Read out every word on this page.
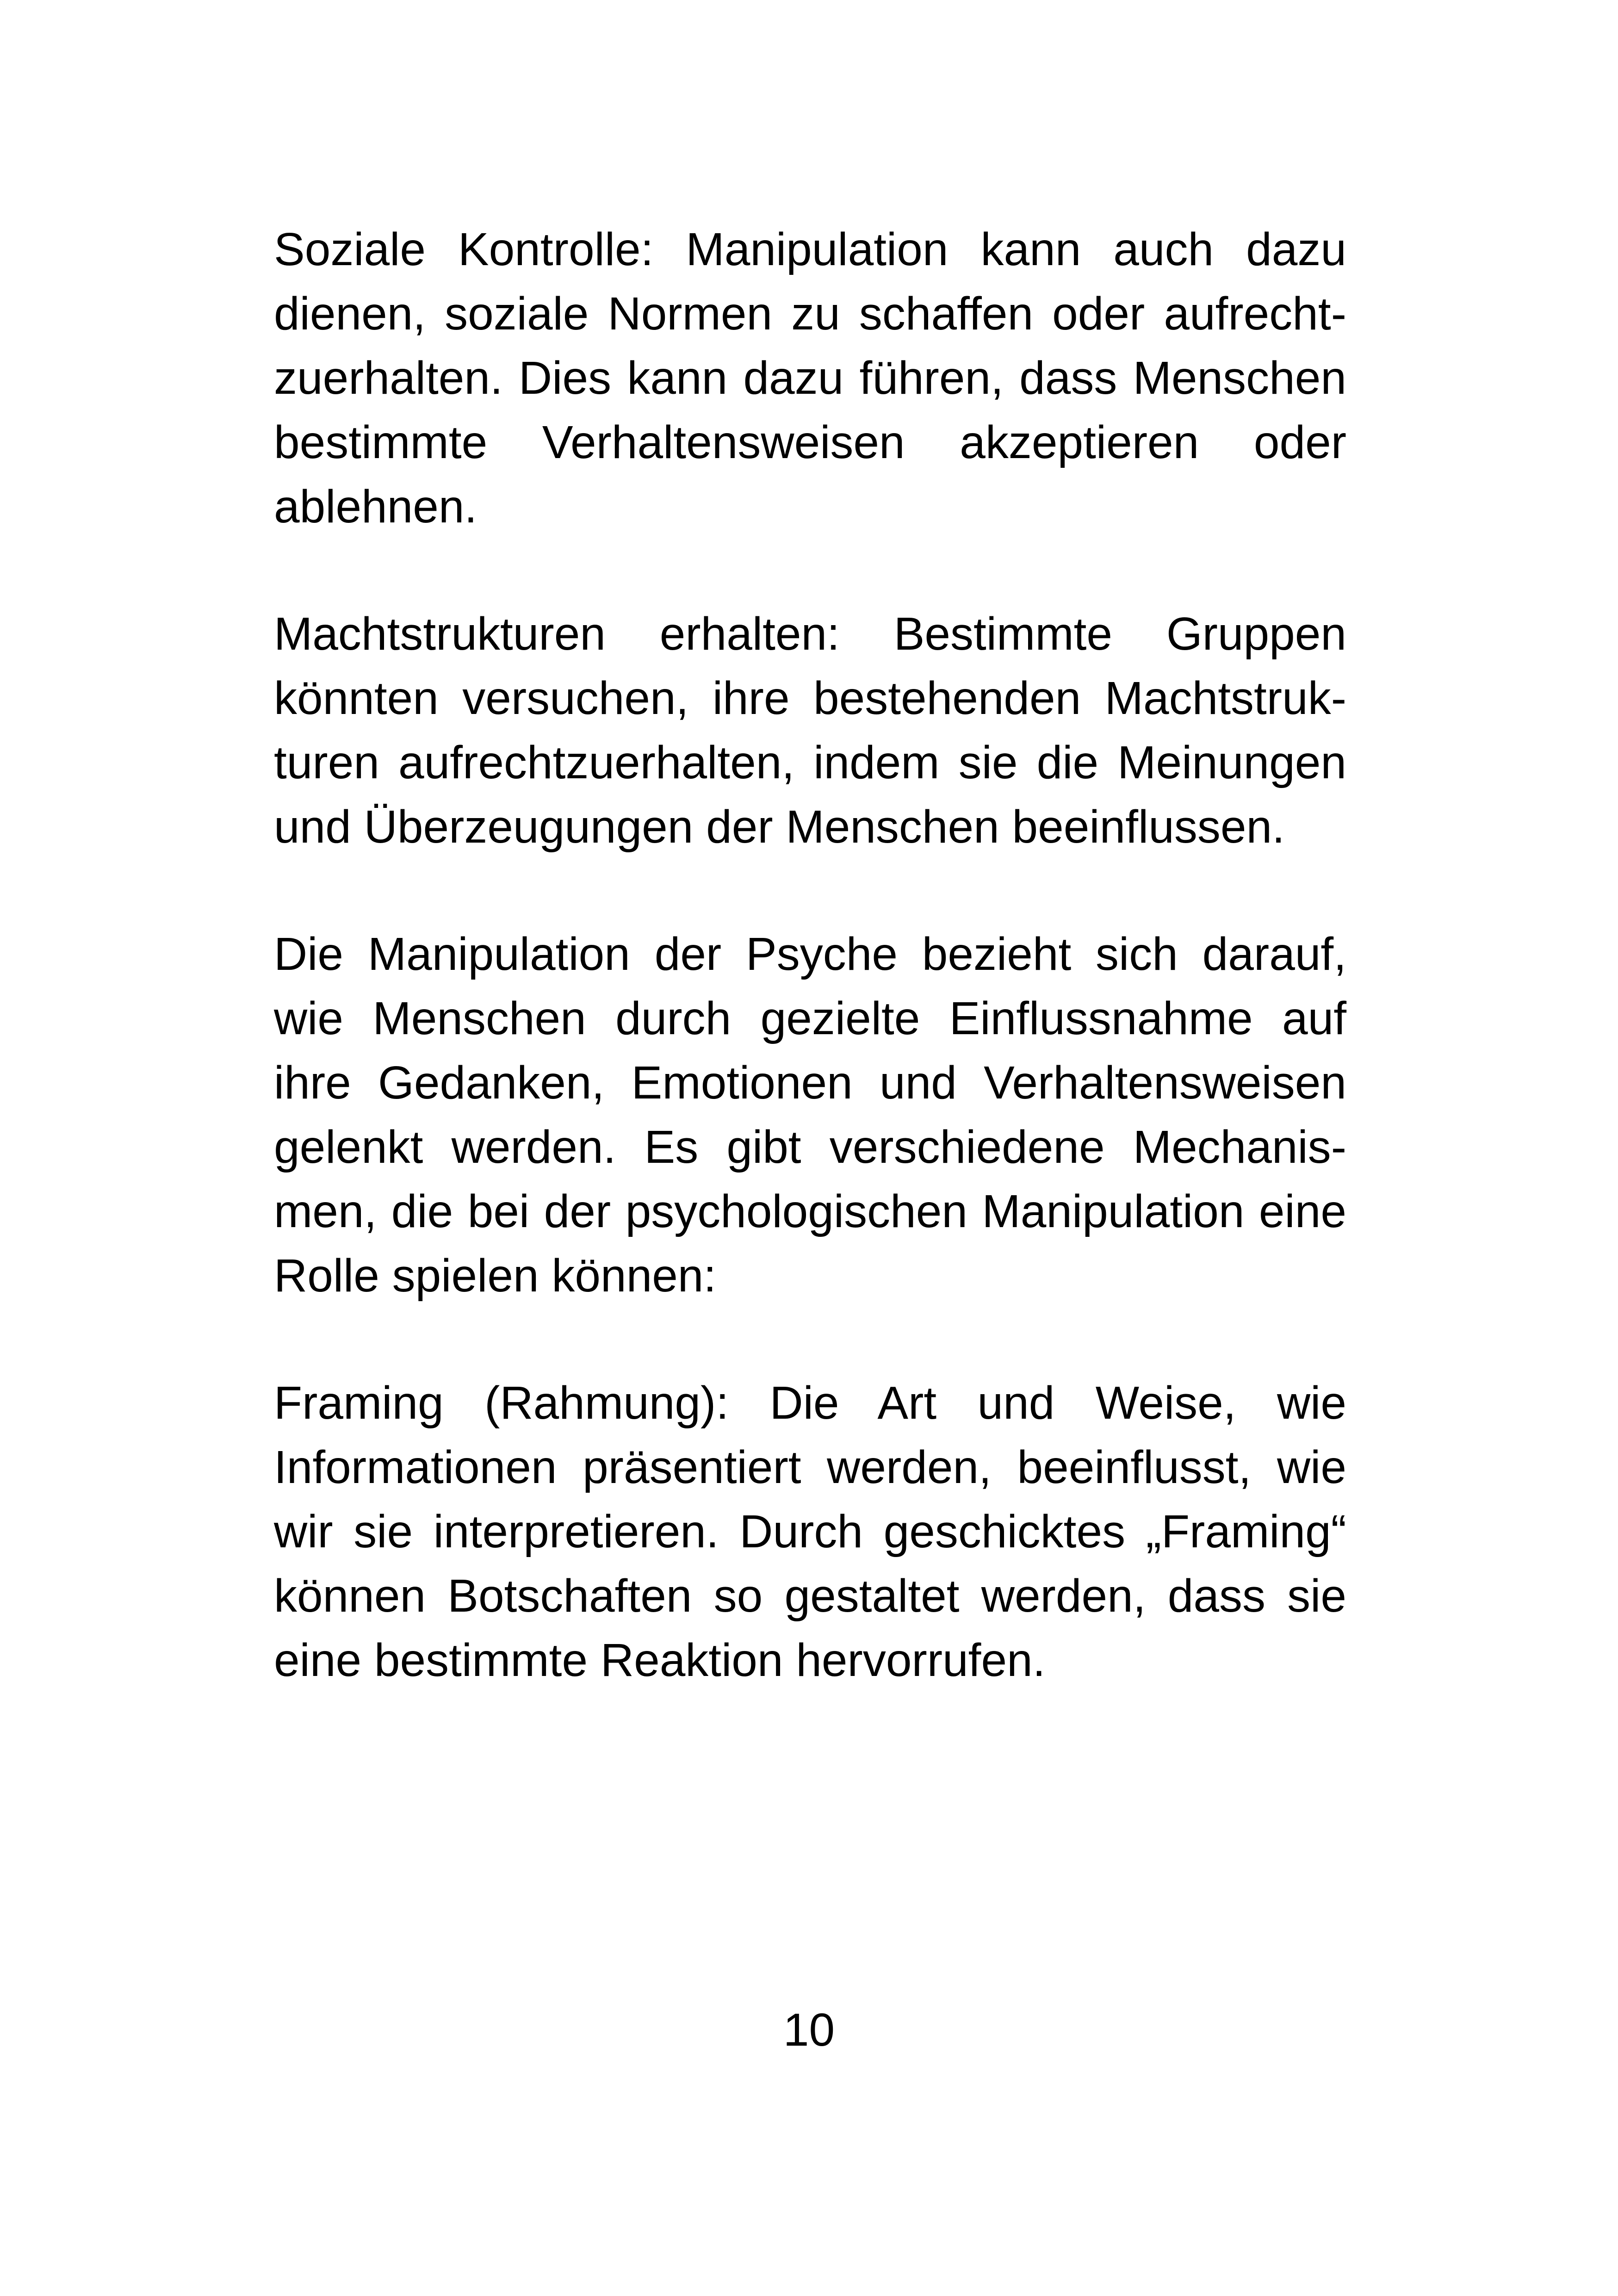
Soziale Kontrolle: Manipulation kann auch dazu dienen, soziale Normen zu schaffen oder aufrechtzuerhalten. Dies kann dazu führen, dass Menschen bestimmte Verhaltensweisen akzeptieren oder ablehnen.

Machtstrukturen erhalten: Bestimmte Gruppen könnten versuchen, ihre bestehenden Machtstrukturen aufrechtzuerhalten, indem sie die Meinungen und Überzeugungen der Menschen beeinflussen.

Die Manipulation der Psyche bezieht sich darauf, wie Menschen durch gezielte Einflussnahme auf ihre Gedanken, Emotionen und Verhaltensweisen gelenkt werden. Es gibt verschiedene Mechanismen, die bei der psychologischen Manipulation eine Rolle spielen können:

Framing (Rahmung): Die Art und Weise, wie Informationen präsentiert werden, beeinflusst, wie wir sie interpretieren. Durch geschicktes „Framing“ können Botschaften so gestaltet werden, dass sie eine bestimmte Reaktion hervorrufen.

10
